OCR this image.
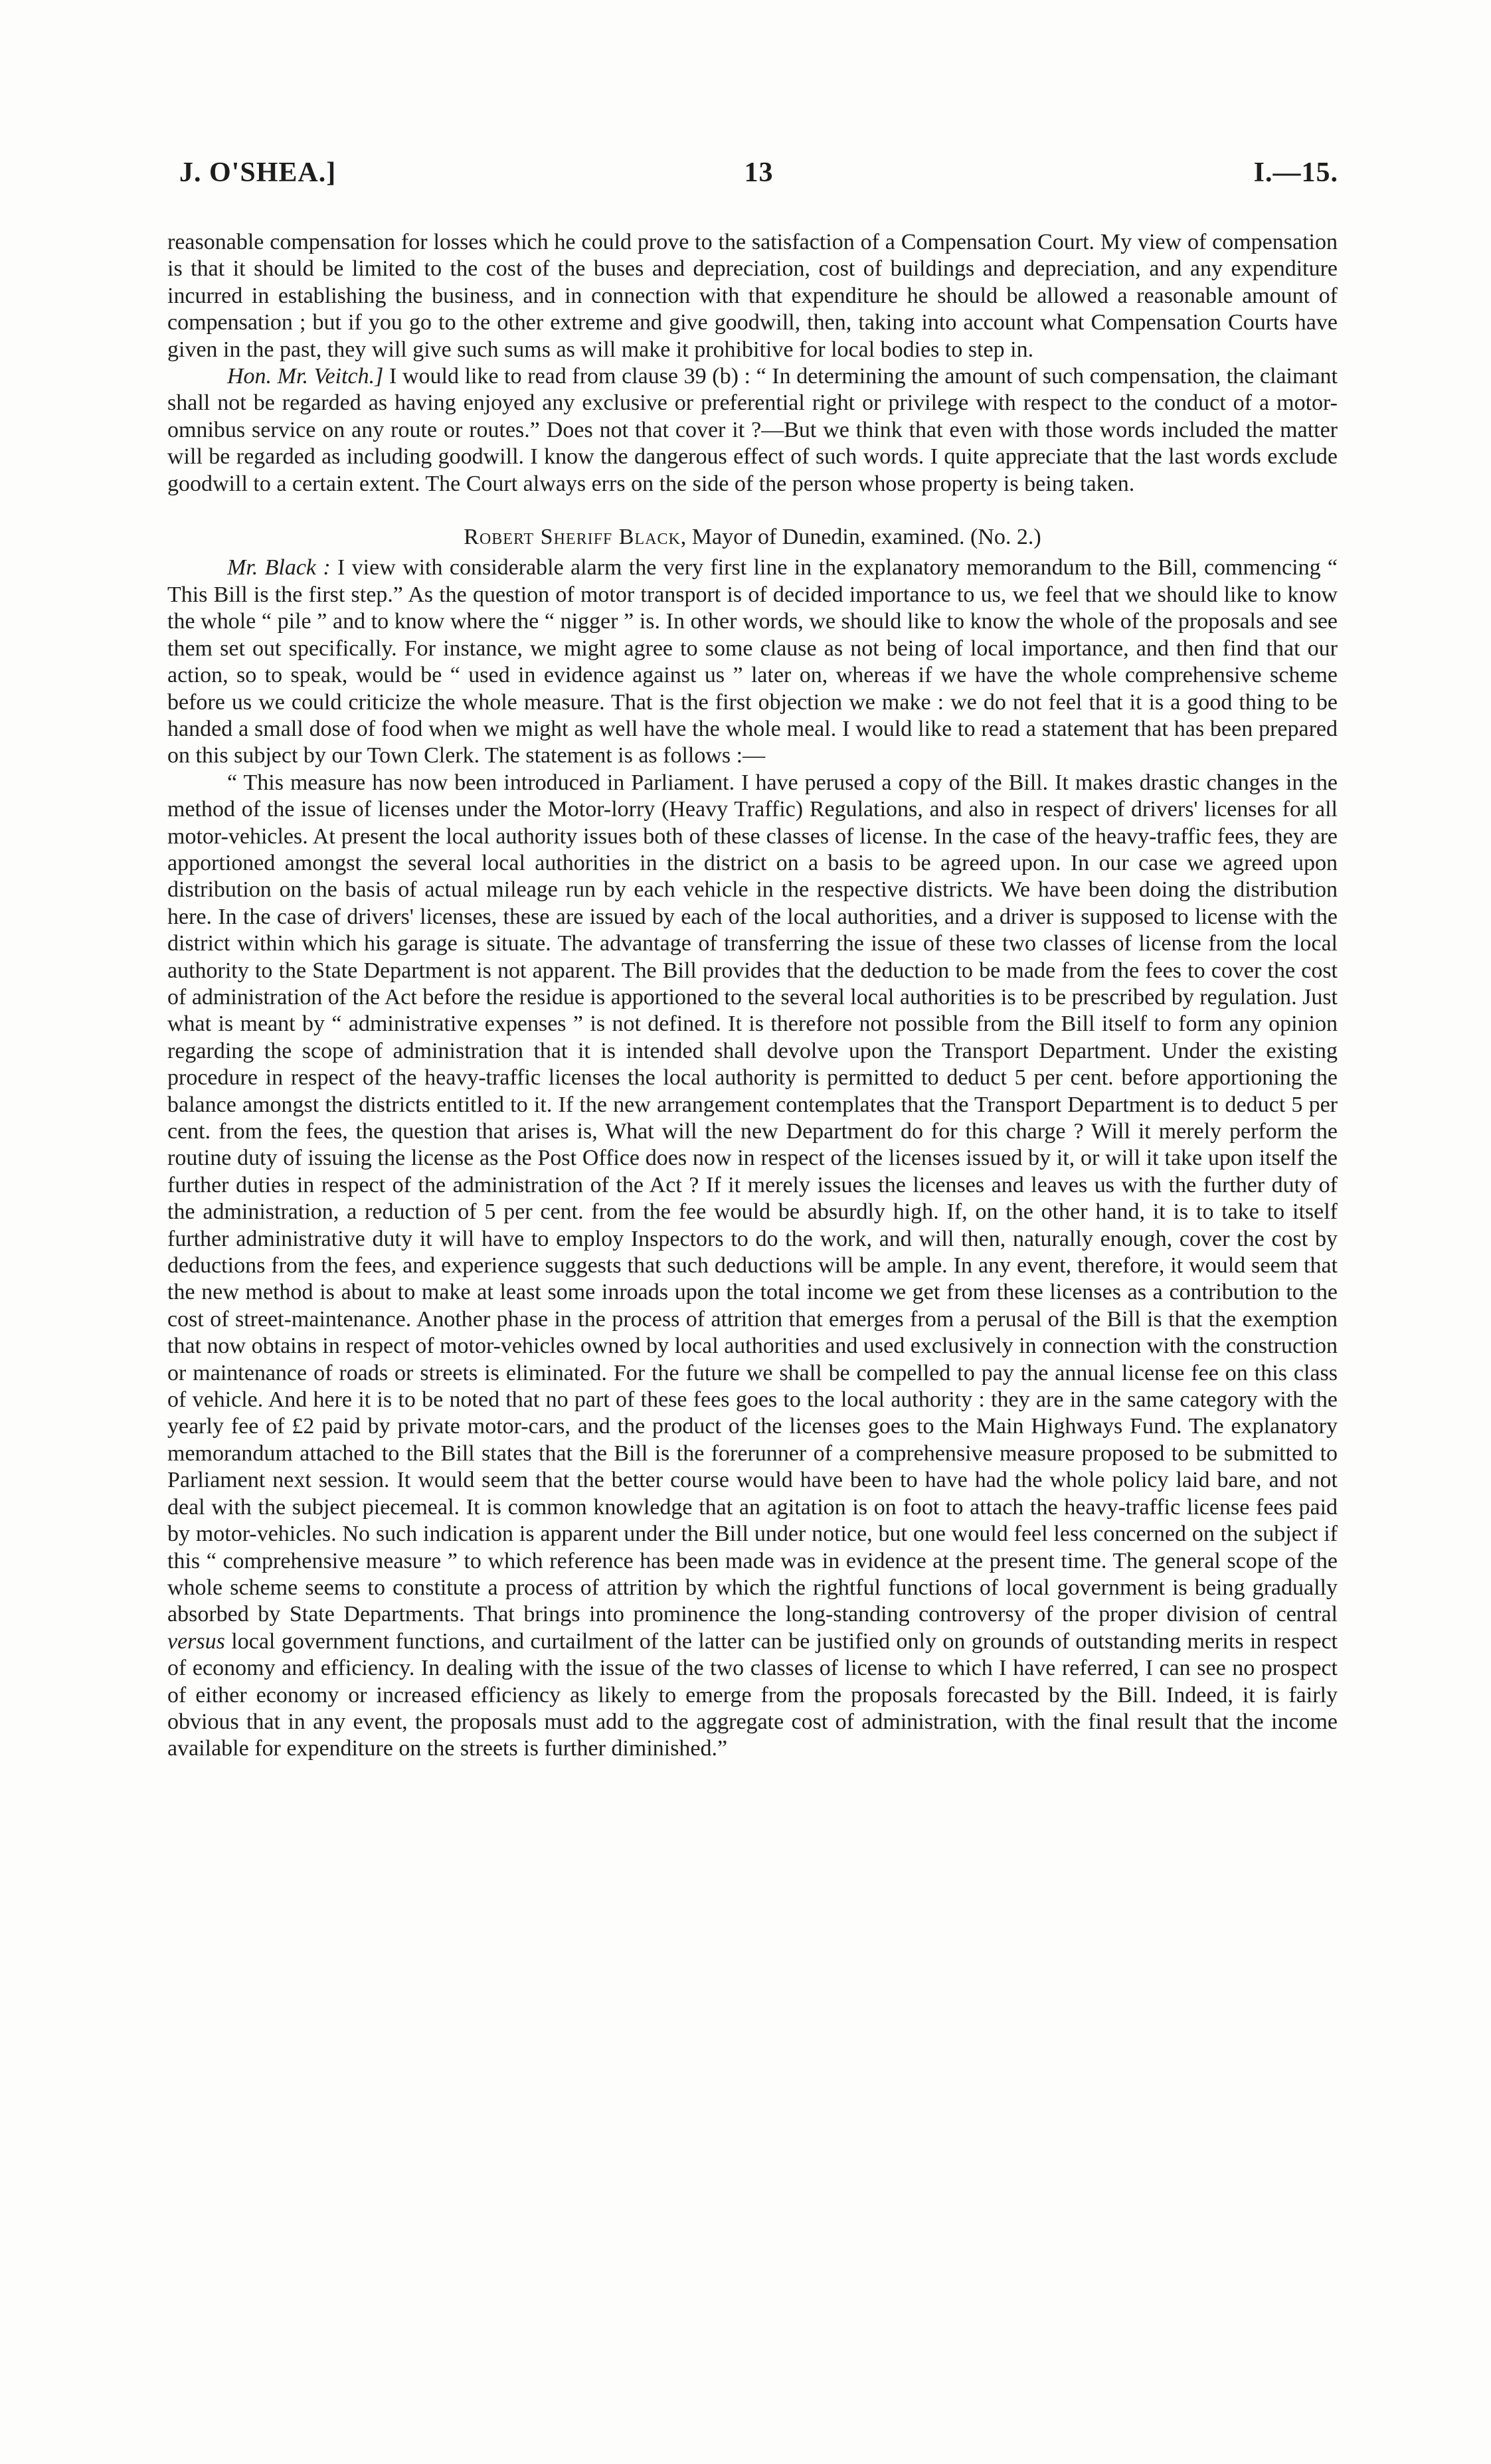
J. O'SHEA.]	13	I.—15.

reasonable compensation for losses which he could prove to the satisfaction of a Compensation Court. My view of compensation is that it should be limited to the cost of the buses and depreciation, cost of buildings and depreciation, and any expenditure incurred in establishing the business, and in connection with that expenditure he should be allowed a reasonable amount of compensation ; but if you go to the other extreme and give goodwill, then, taking into account what Compensation Courts have given in the past, they will give such sums as will make it prohibitive for local bodies to step in.

Hon. Mr. Veitch.] I would like to read from clause 39 (b) : “ In determining the amount of such compensation, the claimant shall not be regarded as having enjoyed any exclusive or preferential right or privilege with respect to the conduct of a motor-omnibus service on any route or routes.” Does not that cover it ?—But we think that even with those words included the matter will be regarded as including goodwill. I know the dangerous effect of such words. I quite appreciate that the last words exclude goodwill to a certain extent. The Court always errs on the side of the person whose property is being taken.

Robert Sheriff Black, Mayor of Dunedin, examined. (No. 2.)

Mr. Black : I view with considerable alarm the very first line in the explanatory memorandum to the Bill, commencing “ This Bill is the first step.” As the question of motor transport is of decided importance to us, we feel that we should like to know the whole “ pile ” and to know where the “ nigger ” is. In other words, we should like to know the whole of the proposals and see them set out specifically. For instance, we might agree to some clause as not being of local importance, and then find that our action, so to speak, would be “ used in evidence against us ” later on, whereas if we have the whole comprehensive scheme before us we could criticize the whole measure. That is the first objection we make : we do not feel that it is a good thing to be handed a small dose of food when we might as well have the whole meal. I would like to read a statement that has been prepared on this subject by our Town Clerk. The statement is as follows :—

“ This measure has now been introduced in Parliament. I have perused a copy of the Bill. It makes drastic changes in the method of the issue of licenses under the Motor-lorry (Heavy Traffic) Regulations, and also in respect of drivers' licenses for all motor-vehicles. At present the local authority issues both of these classes of license. In the case of the heavy-traffic fees, they are apportioned amongst the several local authorities in the district on a basis to be agreed upon. In our case we agreed upon distribution on the basis of actual mileage run by each vehicle in the respective districts. We have been doing the distribution here. In the case of drivers' licenses, these are issued by each of the local authorities, and a driver is supposed to license with the district within which his garage is situate. The advantage of transferring the issue of these two classes of license from the local authority to the State Department is not apparent. The Bill provides that the deduction to be made from the fees to cover the cost of administration of the Act before the residue is apportioned to the several local authorities is to be prescribed by regulation. Just what is meant by “ administrative expenses ” is not defined. It is therefore not possible from the Bill itself to form any opinion regarding the scope of administration that it is intended shall devolve upon the Transport Department. Under the existing procedure in respect of the heavy-traffic licenses the local authority is permitted to deduct 5 per cent. before apportioning the balance amongst the districts entitled to it. If the new arrangement contemplates that the Transport Department is to deduct 5 per cent. from the fees, the question that arises is, What will the new Department do for this charge ? Will it merely perform the routine duty of issuing the license as the Post Office does now in respect of the licenses issued by it, or will it take upon itself the further duties in respect of the administration of the Act ? If it merely issues the licenses and leaves us with the further duty of the administration, a reduction of 5 per cent. from the fee would be absurdly high. If, on the other hand, it is to take to itself further administrative duty it will have to employ Inspectors to do the work, and will then, naturally enough, cover the cost by deductions from the fees, and experience suggests that such deductions will be ample. In any event, therefore, it would seem that the new method is about to make at least some inroads upon the total income we get from these licenses as a contribution to the cost of street-maintenance. Another phase in the process of attrition that emerges from a perusal of the Bill is that the exemption that now obtains in respect of motor-vehicles owned by local authorities and used exclusively in connection with the construction or maintenance of roads or streets is eliminated. For the future we shall be compelled to pay the annual license fee on this class of vehicle. And here it is to be noted that no part of these fees goes to the local authority : they are in the same category with the yearly fee of £2 paid by private motor-cars, and the product of the licenses goes to the Main Highways Fund. The explanatory memorandum attached to the Bill states that the Bill is the forerunner of a comprehensive measure proposed to be submitted to Parliament next session. It would seem that the better course would have been to have had the whole policy laid bare, and not deal with the subject piecemeal. It is common knowledge that an agitation is on foot to attach the heavy-traffic license fees paid by motor-vehicles. No such indication is apparent under the Bill under notice, but one would feel less concerned on the subject if this “ comprehensive measure ” to which reference has been made was in evidence at the present time. The general scope of the whole scheme seems to constitute a process of attrition by which the rightful functions of local government is being gradually absorbed by State Departments. That brings into prominence the long-standing controversy of the proper division of central versus local government functions, and curtailment of the latter can be justified only on grounds of outstanding merits in respect of economy and efficiency. In dealing with the issue of the two classes of license to which I have referred, I can see no prospect of either economy or increased efficiency as likely to emerge from the proposals forecasted by the Bill. Indeed, it is fairly obvious that in any event, the proposals must add to the aggregate cost of administration, with the final result that the income available for expenditure on the streets is further diminished.”
